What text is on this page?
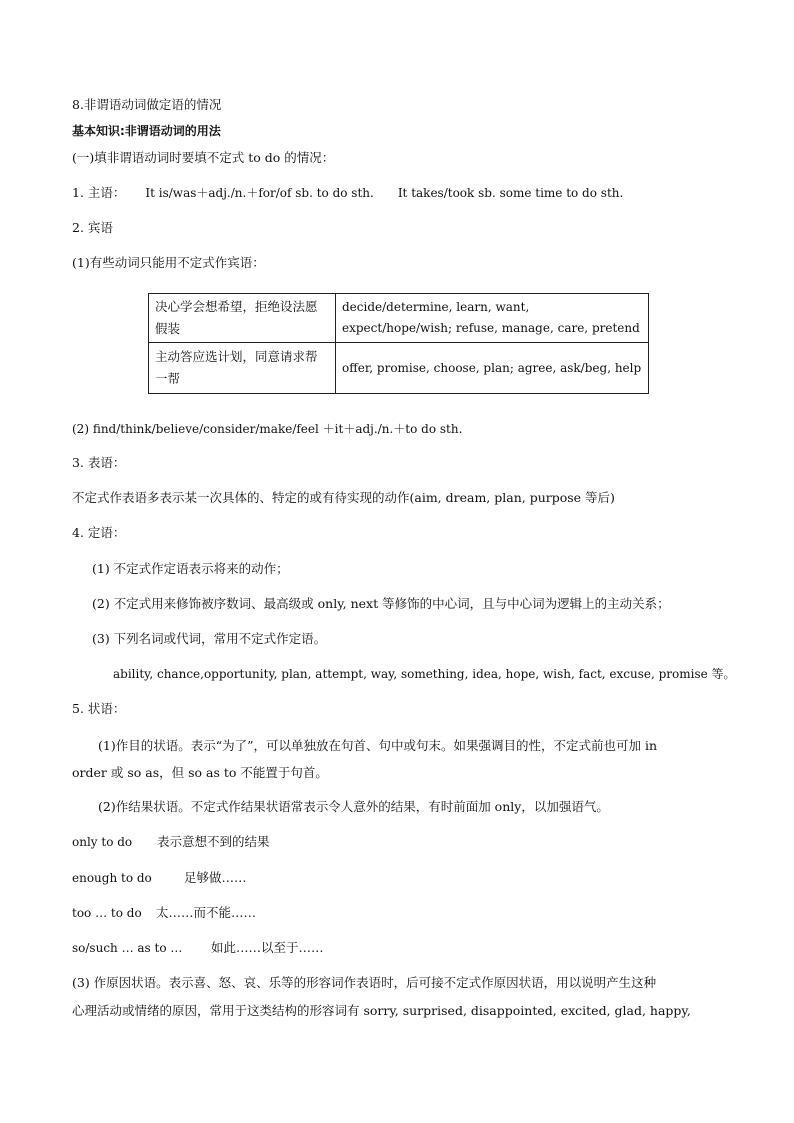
8.非谓语动词做定语的情况
基本知识:非谓语动词的用法
(一)填非谓语动词时要填不定式 to do 的情况：
1. 主语： It is/was＋adj./n.＋for/of sb. to do sth. It takes/took sb. some time to do sth.
2. 宾语
(1)有些动词只能用不定式作宾语：
决心学会想希望，拒绝设法愿假装	decide/determine, learn, want, expect/hope/wish; refuse, manage, care, pretend
主动答应选计划，同意请求帮一帮	offer, promise, choose, plan; agree, ask/beg, help
(2) find/think/believe/consider/make/feel ＋it＋adj./n.＋to do sth.
3. 表语：
不定式作表语多表示某一次具体的、特定的或有待实现的动作(aim, dream, plan, purpose 等后)
4. 定语：
(1) 不定式作定语表示将来的动作；
(2) 不定式用来修饰被序数词、最高级或 only, next 等修饰的中心词，且与中心词为逻辑上的主动关系；
(3) 下列名词或代词，常用不定式作定语。
ability, chance,opportunity, plan, attempt, way, something, idea, hope, wish, fact, excuse, promise 等。
5. 状语：
(1)作目的状语。表示“为了”，可以单独放在句首、句中或句末。如果强调目的性，不定式前也可加 in
order 或 so as，但 so as to 不能置于句首。
(2)作结果状语。不定式作结果状语常表示令人意外的结果，有时前面加 only，以加强语气。
only to do 表示意想不到的结果
enough to do	足够做……
too … to do 太……而不能……
so/such … as to … 如此……以至于……
(3) 作原因状语。表示喜、怒、哀、乐等的形容词作表语时，后可接不定式作原因状语，用以说明产生这种
心理活动或情绪的原因，常用于这类结构的形容词有 sorry, surprised, disappointed, excited, glad, happy,
